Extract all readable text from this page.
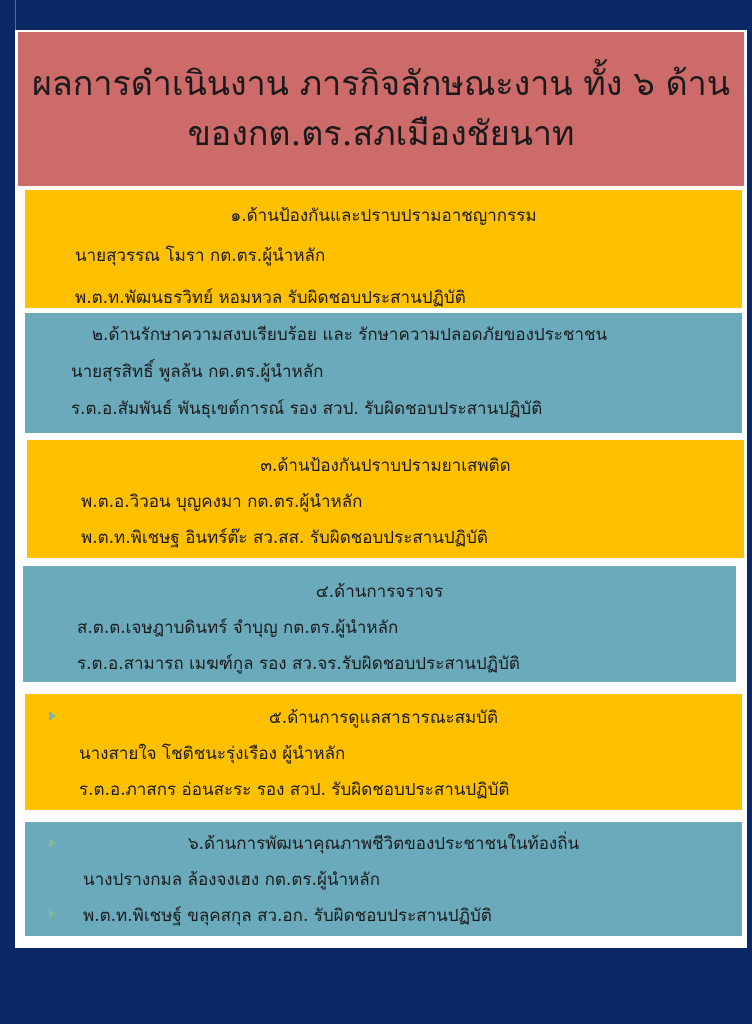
ผลการดำเนินงาน ภารกิจลักษณะงาน ทั้ง ๖ ด้าน
ของกต.ตร.สภเมืองชัยนาท
๑.ด้านป้องกันและปราบปรามอาชญากรรม
นายสุวรรณ โมรา กต.ตร.ผู้นำหลัก
พ.ต.ท.พัฒนธรวิทย์ หอมหวล รับผิดชอบประสานปฏิบัติ
๒.ด้านรักษาความสงบเรียบร้อย และ รักษาความปลอดภัยของประชาชน
นายสุรสิทธิ์ พูลล้น กต.ตร.ผู้นำหลัก
ร.ต.อ.สัมพันธ์ พันธุเขต์การณ์ รอง สวป. รับผิดชอบประสานปฏิบัติ
๓.ด้านป้องกันปราบปรามยาเสพติด
พ.ต.อ.วิวอน บุญคงมา กต.ตร.ผู้นำหลัก
พ.ต.ท.พิเชษฐ อินทร์ต๊ะ สว.สส. รับผิดชอบประสานปฏิบัติ
๔.ด้านการจราจร
ส.ต.ต.เจษฎาบดินทร์ จำบุญ กต.ตร.ผู้นำหลัก
ร.ต.อ.สามารถ เมฆฑ์กูล รอง สว.จร.รับผิดชอบประสานปฏิบัติ
๕.ด้านการดูแลสาธารณะสมบัติ
นางสายใจ โชติชนะรุ่งเรือง ผู้นำหลัก
ร.ต.อ.ภาสกร อ่อนสะระ รอง สวป. รับผิดชอบประสานปฏิบัติ
๖.ด้านการพัฒนาคุณภาพชีวิตของประชาชนในท้องถิ่น
นางปรางกมล ล้องจงเฮง กต.ตร.ผู้นำหลัก
พ.ต.ท.พิเชษฐ์ ขลุคสกุล สว.อก. รับผิดชอบประสานปฏิบัติ
